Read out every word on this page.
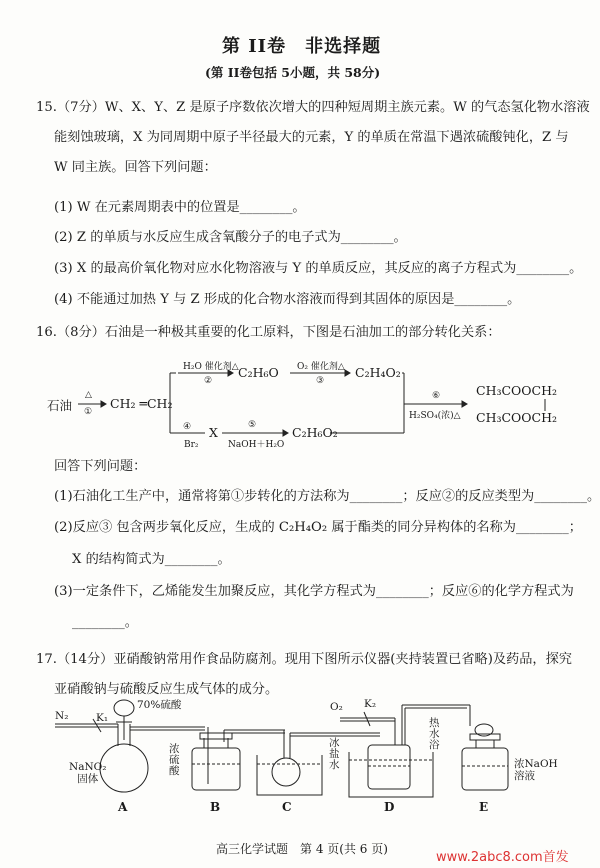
第 II卷　非选择题
(第 II卷包括 5小题，共 58分)
15.（7分）W、X、Y、Z 是原子序数依次增大的四种短周期主族元素。W 的气态氢化物水溶液
能刻蚀玻璃，X 为同周期中原子半径最大的元素，Y 的单质在常温下遇浓硫酸钝化，Z 与
W 同主族。回答下列问题：
(1) W 在元素周期表中的位置是________。
(2) Z 的单质与水反应生成含氧酸分子的电子式为________。
(3) X 的最高价氧化物对应水化物溶液与 Y 的单质反应，其反应的离子方程式为________。
(4) 不能通过加热 Y 与 Z 形成的化合物水溶液而得到其固体的原因是________。
16.（8分）石油是一种极其重要的化工原料，下图是石油加工的部分转化关系：
石油
△
①
CH₂ ═CH₂
H₂O 催化剂△
②
C₂H₆O O₂ 催化剂△
③
C₂H₄O₂
④
Br₂
X	⑤
NaOH＋H₂O
C₂H₆O₂
⑥
H₂SO₄(浓)△
CH₃COOCH₂
CH₃COOCH₂
回答下列问题：
(1)石油化工生产中，通常将第①步转化的方法称为________；反应②的反应类型为________。
(2)反应③ 包含两步氧化反应，生成的 C₂H₄O₂ 属于酯类的同分异构体的名称为________；
X 的结构简式为________。
(3)一定条件下，乙烯能发生加聚反应，其化学方程式为________；反应⑥的化学方程式为
________。
17.（14分）亚硝酸钠常用作食品防腐剂。现用下图所示仪器(夹持装置已省略)及药品，探究
亚硝酸钠与硫酸反应生成气体的成分。
N₂	K₁
70%硫酸
NaNO₂
固体
浓
硫
酸
冰
盐
水
O₂ K₂
热
水
浴
浓NaOH
溶液
A	B	C	D	E
高三化学试题　第 4 页(共 6 页)
www.2abc8.com首发
